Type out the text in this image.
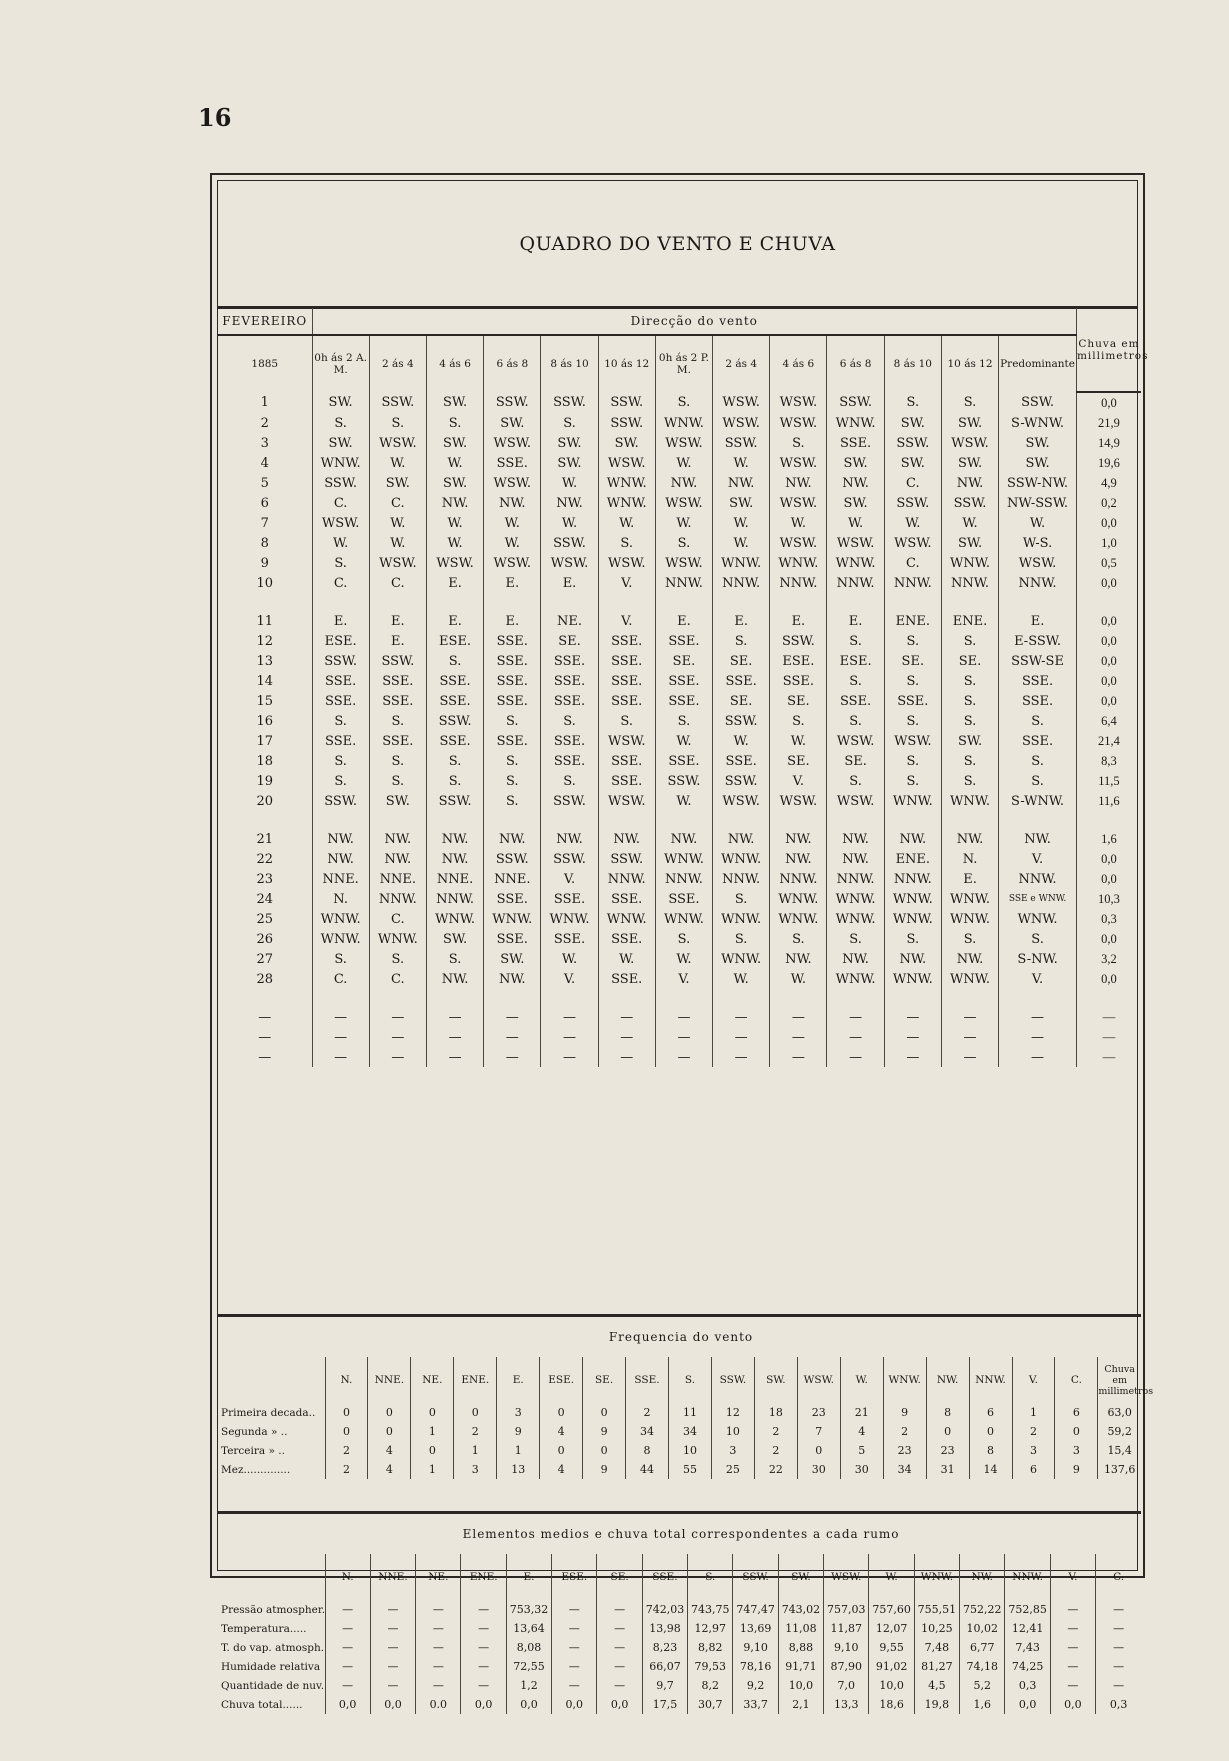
16
QUADRO DO VENTO E CHUVA
FEVEREIRO	Direcção do vento													Chuva em millimetros
1885	0h ás 2 A. M.	2 ás 4	4 ás 6	6 ás 8	8 ás 10	10 ás 12	0h ás 2 P. M.	2 ás 4	4 ás 6	6 ás 8	8 ás 10	10 ás 12	Predominante	
1	SW.	SSW.	SW.	SSW.	SSW.	SSW.	S.	WSW.	WSW.	SSW.	S.	S.	SSW.	0,0
2	S.	S.	S.	SW.	S.	SSW.	WNW.	WSW.	WSW.	WNW.	SW.	SW.	S-WNW.	21,9
3	SW.	WSW.	SW.	WSW.	SW.	SW.	WSW.	SSW.	S.	SSE.	SSW.	WSW.	SW.	14,9
4	WNW.	W.	W.	SSE.	SW.	WSW.	W.	W.	WSW.	SW.	SW.	SW.	SW.	19,6
5	SSW.	SW.	SW.	WSW.	W.	WNW.	NW.	NW.	NW.	NW.	C.	NW.	SSW-NW.	4,9
6	C.	C.	NW.	NW.	NW.	WNW.	WSW.	SW.	WSW.	SW.	SSW.	SSW.	NW-SSW.	0,2
7	WSW.	W.	W.	W.	W.	W.	W.	W.	W.	W.	W.	W.	W.	0,0
8	W.	W.	W.	W.	SSW.	S.	S.	W.	WSW.	WSW.	WSW.	SW.	W-S.	1,0
9	S.	WSW.	WSW.	WSW.	WSW.	WSW.	WSW.	WNW.	WNW.	WNW.	C.	WNW.	WSW.	0,5
10	C.	C.	E.	E.	E.	V.	NNW.	NNW.	NNW.	NNW.	NNW.	NNW.	NNW.	0,0

11	E.	E.	E.	E.	NE.	V.	E.	E.	E.	E.	ENE.	ENE.	E.	0,0
12	ESE.	E.	ESE.	SSE.	SE.	SSE.	SSE.	S.	SSW.	S.	S.	S.	E-SSW.	0,0
13	SSW.	SSW.	S.	SSE.	SSE.	SSE.	SE.	SE.	ESE.	ESE.	SE.	SE.	SSW-SE	0,0
14	SSE.	SSE.	SSE.	SSE.	SSE.	SSE.	SSE.	SSE.	SSE.	S.	S.	S.	SSE.	0,0
15	SSE.	SSE.	SSE.	SSE.	SSE.	SSE.	SSE.	SE.	SE.	SSE.	SSE.	S.	SSE.	0,0
16	S.	S.	SSW.	S.	S.	S.	S.	SSW.	S.	S.	S.	S.	S.	6,4
17	SSE.	SSE.	SSE.	SSE.	SSE.	WSW.	W.	W.	W.	WSW.	WSW.	SW.	SSE.	21,4
18	S.	S.	S.	S.	SSE.	SSE.	SSE.	SSE.	SE.	SE.	S.	S.	S.	8,3
19	S.	S.	S.	S.	S.	SSE.	SSW.	SSW.	V.	S.	S.	S.	S.	11,5
20	SSW.	SW.	SSW.	S.	SSW.	WSW.	W.	WSW.	WSW.	WSW.	WNW.	WNW.	S-WNW.	11,6

21	NW.	NW.	NW.	NW.	NW.	NW.	NW.	NW.	NW.	NW.	NW.	NW.	NW.	1,6
22	NW.	NW.	NW.	SSW.	SSW.	SSW.	WNW.	WNW.	NW.	NW.	ENE.	N.	V.	0,0
23	NNE.	NNE.	NNE.	NNE.	V.	NNW.	NNW.	NNW.	NNW.	NNW.	NNW.	E.	NNW.	0,0
24	N.	NNW.	NNW.	SSE.	SSE.	SSE.	SSE.	S.	WNW.	WNW.	WNW.	WNW.	SSE e WNW.	10,3
25	WNW.	C.	WNW.	WNW.	WNW.	WNW.	WNW.	WNW.	WNW.	WNW.	WNW.	WNW.	WNW.	0,3
26	WNW.	WNW.	SW.	SSE.	SSE.	SSE.	S.	S.	S.	S.	S.	S.	S.	0,0
27	S.	S.	S.	SW.	W.	W.	W.	WNW.	NW.	NW.	NW.	NW.	S-NW.	3,2
28	C.	C.	NW.	NW.	V.	SSE.	V.	W.	W.	WNW.	WNW.	WNW.	V.	0,0

—	—	—	—	—	—	—	—	—	—	—	—	—	—	—
—	—	—	—	—	—	—	—	—	—	—	—	—	—	—
—	—	—	—	—	—	—	—	—	—	—	—	—	—	—
Frequencia do vento																			
	N.	NNE.	NE.	ENE.	E.	ESE.	SE.	SSE.	S.	SSW.	SW.	WSW.	W.	WNW.	NW.	NNW.	V.	C.	Chuva em millimetros
Primeira decada..	0	0	0	0	3	0	0	2	11	12	18	23	21	9	8	6	1	6	63,0
Segunda » ..	0	0	1	2	9	4	9	34	34	10	2	7	4	2	0	0	2	0	59,2
Terceira » ..	2	4	0	1	1	0	0	8	10	3	2	0	5	23	23	8	3	3	15,4
Mez..............	2	4	1	3	13	4	9	44	55	25	22	30	30	34	31	14	6	9	137,6
Elementos medios e chuva total correspondentes a cada rumo																		
	N.	NNE.	NE.	ENE.	E.	ESE.	SE.	SSE.	S.	SSW.	SW.	WSW.	W.	WNW.	NW.	NNW.	V.	C.
Pressão atmospher.	—	—	—	—	753,32	—	—	742,03	743,75	747,47	743,02	757,03	757,60	755,51	752,22	752,85	—	—
Temperatura.....	—	—	—	—	13,64	—	—	13,98	12,97	13,69	11,08	11,87	12,07	10,25	10,02	12,41	—	—
T. do vap. atmosph.	—	—	—	—	8,08	—	—	8,23	8,82	9,10	8,88	9,10	9,55	7,48	6,77	7,43	—	—
Humidade relativa	—	—	—	—	72,55	—	—	66,07	79,53	78,16	91,71	87,90	91,02	81,27	74,18	74,25	—	—
Quantidade de nuv.	—	—	—	—	1,2	—	—	9,7	8,2	9,2	10,0	7,0	10,0	4,5	5,2	0,3	—	—
Chuva total......	0,0	0,0	0.0	0,0	0,0	0,0	0,0	17,5	30,7	33,7	2,1	13,3	18,6	19,8	1,6	0,0	0,0	0,3
